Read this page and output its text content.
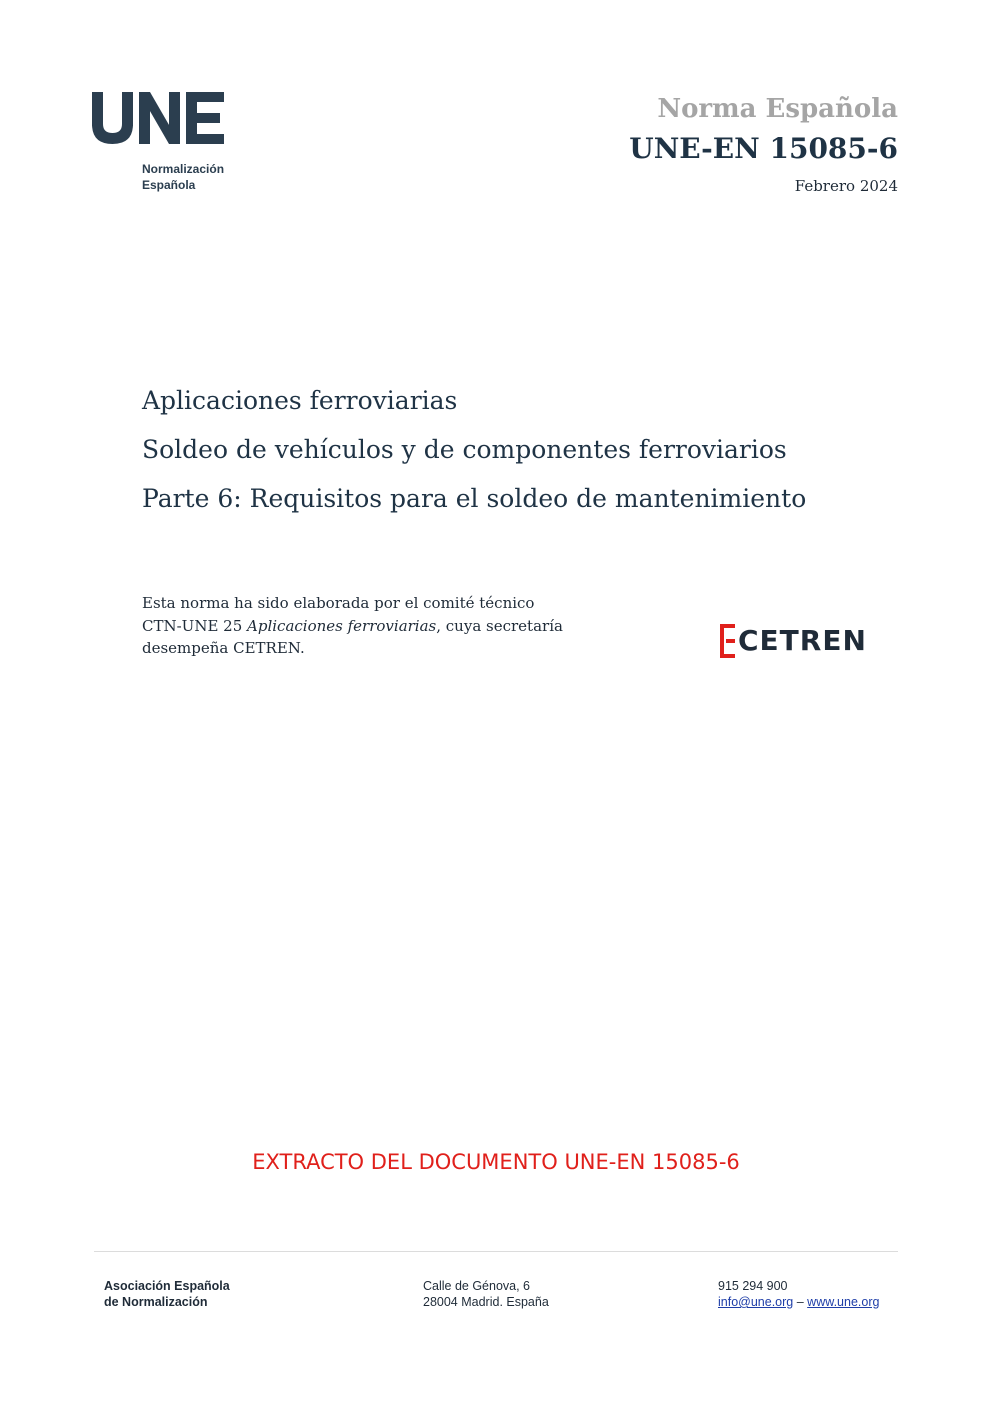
Normalización
Española
Norma Española
UNE-EN 15085-6
Febrero 2024
Aplicaciones ferroviarias
Soldeo de vehículos y de componentes ferroviarios
Parte 6: Requisitos para el soldeo de mantenimiento
Esta norma ha sido elaborada por el comité técnico
CTN-UNE 25 Aplicaciones ferroviarias, cuya secretaría
desempeña CETREN.	CETREN
EXTRACTO DEL DOCUMENTO UNE-EN 15085-6
Asociación Española
de Normalización
Calle de Génova, 6
28004 Madrid. España
915 294 900
info@une.org – www.une.org
